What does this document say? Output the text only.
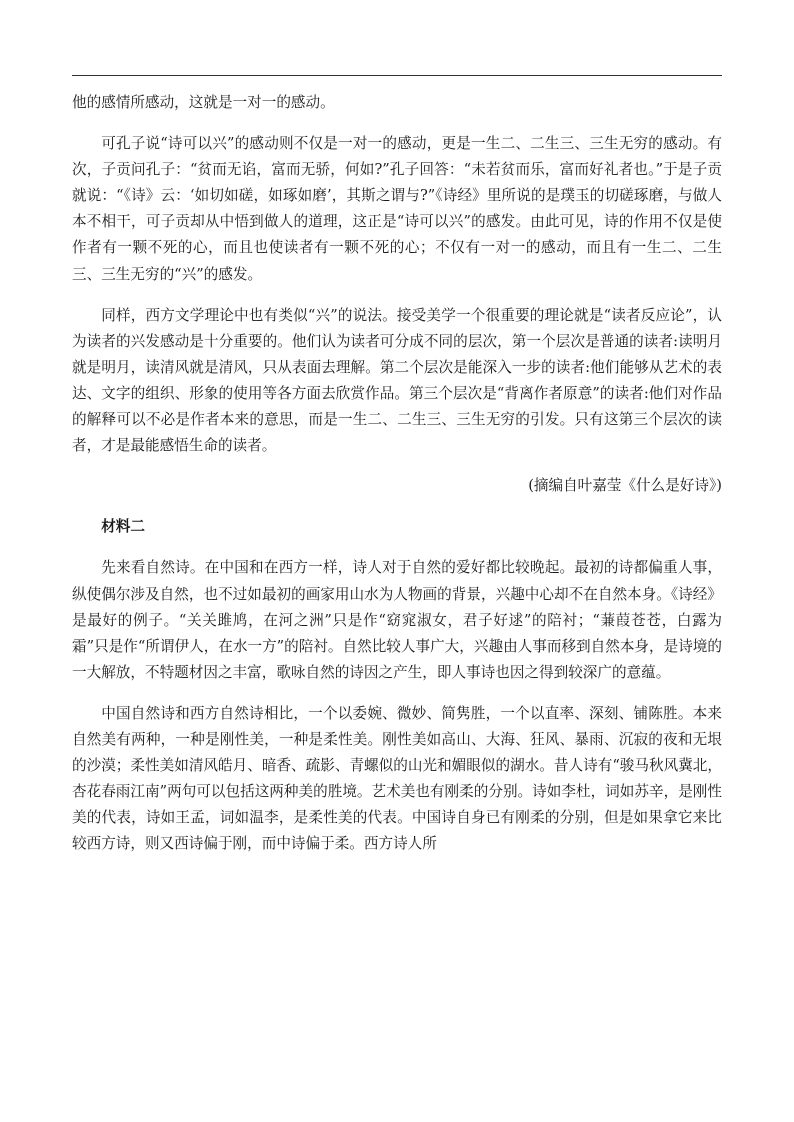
他的感情所感动，这就是一对一的感动。

可孔子说“诗可以兴”的感动则不仅是一对一的感动，更是一生二、二生三、三生无穷的感动。有次，子贡问孔子：“贫而无谄，富而无骄，何如?”孔子回答：“未若贫而乐，富而好礼者也。”于是子贡就说：“《诗》云：‘如切如磋，如琢如磨’，其斯之谓与?”《诗经》里所说的是璞玉的切磋琢磨，与做人本不相干，可子贡却从中悟到做人的道理，这正是“诗可以兴”的感发。由此可见，诗的作用不仅是使作者有一颗不死的心，而且也使读者有一颗不死的心；不仅有一对一的感动，而且有一生二、二生三、三生无穷的“兴”的感发。

同样，西方文学理论中也有类似“兴”的说法。接受美学一个很重要的理论就是“读者反应论”，认为读者的兴发感动是十分重要的。他们认为读者可分成不同的层次，第一个层次是普通的读者:读明月就是明月，读清风就是清风，只从表面去理解。第二个层次是能深入一步的读者:他们能够从艺术的表达、文字的组织、形象的使用等各方面去欣赏作品。第三个层次是“背离作者原意”的读者:他们对作品的解释可以不必是作者本来的意思，而是一生二、二生三、三生无穷的引发。只有这第三个层次的读者，才是最能感悟生命的读者。

(摘编自叶嘉莹《什么是好诗》)

材料二

先来看自然诗。在中国和在西方一样，诗人对于自然的爱好都比较晚起。最初的诗都偏重人事，纵使偶尔涉及自然，也不过如最初的画家用山水为人物画的背景，兴趣中心却不在自然本身。《诗经》是最好的例子。“关关雎鸠，在河之洲”只是作“窈窕淑女，君子好逑”的陪衬；“蒹葭苍苍，白露为霜”只是作“所谓伊人，在水一方”的陪衬。自然比较人事广大，兴趣由人事而移到自然本身，是诗境的一大解放，不特题材因之丰富，歌咏自然的诗因之产生，即人事诗也因之得到较深广的意蕴。

中国自然诗和西方自然诗相比，一个以委婉、微妙、简隽胜，一个以直率、深刻、铺陈胜。本来自然美有两种，一种是刚性美，一种是柔性美。刚性美如高山、大海、狂风、暴雨、沉寂的夜和无垠的沙漠；柔性美如清风皓月、暗香、疏影、青螺似的山光和媚眼似的湖水。昔人诗有“骏马秋风冀北，杏花春雨江南”两句可以包括这两种美的胜境。艺术美也有刚柔的分别。诗如李杜，词如苏辛，是刚性美的代表，诗如王孟，词如温李，是柔性美的代表。中国诗自身已有刚柔的分别，但是如果拿它来比较西方诗，则又西诗偏于刚，而中诗偏于柔。西方诗人所
